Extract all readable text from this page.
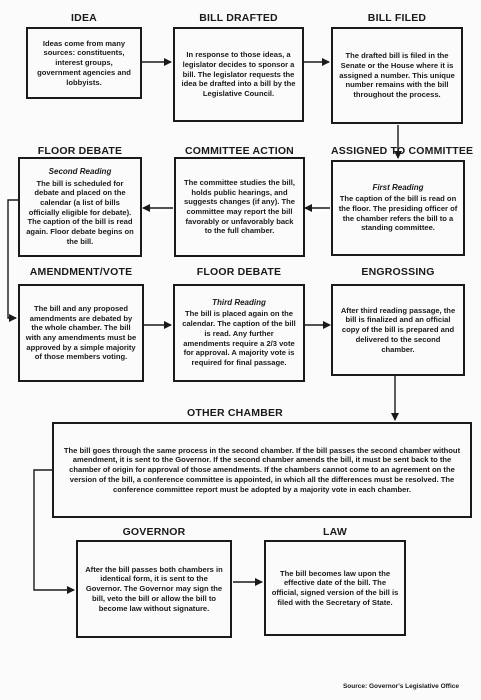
IDEA
Ideas come from many sources: constituents, interest groups, government agencies and lobbyists.
BILL DRAFTED
In response to those ideas, a legislator decides to sponsor a bill. The legislator requests the idea be drafted into a bill by the Legislative Council.
BILL FILED
The drafted bill is filed in the Senate or the House where it is assigned a number. This unique number remains with the bill throughout the process.
FLOOR DEBATE
Second Reading
The bill is scheduled for debate and placed on the calendar (a list of bills officially eligible for debate). The caption of the bill is read again. Floor debate begins on the bill.
COMMITTEE ACTION
The committee studies the bill, holds public hearings, and suggests changes (if any). The committee may report the bill favorably or unfavorably back to the full chamber.
ASSIGNED TO COMMITTEE
First Reading
The caption of the bill is read on the floor. The presiding officer of the chamber refers the bill to a standing committee.
AMENDMENT/VOTE
The bill and any proposed amendments are debated by the whole chamber. The bill with any amendments must be approved by a simple majority of those members voting.
FLOOR DEBATE
Third Reading
The bill is placed again on the calendar. The caption of the bill is read. Any further amendments require a 2/3 vote for approval. A majority vote is required for final passage.
ENGROSSING
After third reading passage, the bill is finalized and an official copy of the bill is prepared and delivered to the second chamber.
OTHER CHAMBER
The bill goes through the same process in the second chamber. If the bill passes the second chamber without amendment, it is sent to the Governor. If the second chamber amends the bill, it must be sent back to the chamber of origin for approval of those amendments. If the chambers cannot come to an agreement on the version of the bill, a conference committee is appointed, in which all the differences must be resolved. The conference committee report must be adopted by a majority vote in each chamber.
GOVERNOR
After the bill passes both chambers in identical form, it is sent to the Governor. The Governor may sign the bill, veto the bill or allow the bill to become law without signature.
LAW
The bill becomes law upon the effective date of the bill. The official, signed version of the bill is filed with the Secretary of State.
Source: Governor's Legislative Office
